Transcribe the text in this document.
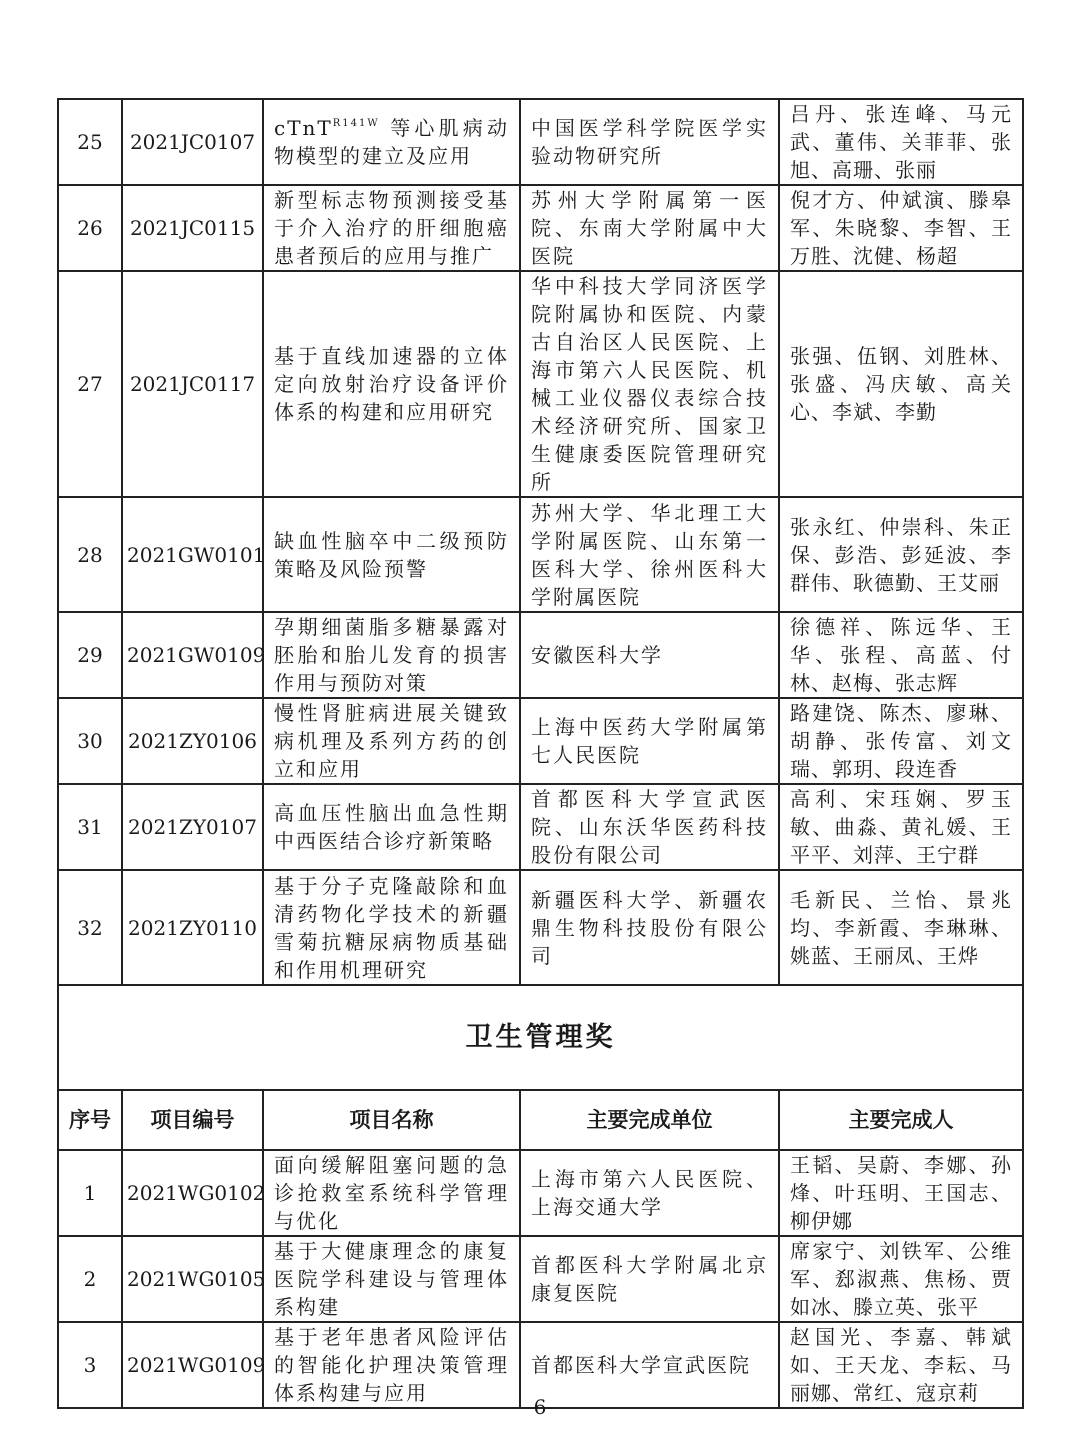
25	2021JC0107	cTnT$^{R141W}$ 等心肌病动物模型的建立及应用	中国医学科学院医学实验动物研究所	吕丹、张连峰、马元武、董伟、关菲菲、张旭、高珊、张丽
26	2021JC0115	新型标志物预测接受基于介入治疗的肝细胞癌患者预后的应用与推广	苏州大学附属第一医院、东南大学附属中大医院	倪才方、仲斌演、滕皋军、朱晓黎、李智、王万胜、沈健、杨超
27	2021JC0117	基于直线加速器的立体定向放射治疗设备评价体系的构建和应用研究	华中科技大学同济医学院附属协和医院、内蒙古自治区人民医院、上海市第六人民医院、机械工业仪器仪表综合技术经济研究所、国家卫生健康委医院管理研究所	张强、伍钢、刘胜林、张盛、冯庆敏、高关心、李斌、李勤
28	2021GW0101	缺血性脑卒中二级预防策略及风险预警	苏州大学、华北理工大学附属医院、山东第一医科大学、徐州医科大学附属医院	张永红、仲崇科、朱正保、彭浩、彭延波、李群伟、耿德勤、王艾丽
29	2021GW0109	孕期细菌脂多糖暴露对胚胎和胎儿发育的损害作用与预防对策	安徽医科大学	徐德祥、陈远华、王华、张程、高蓝、付林、赵梅、张志辉
30	2021ZY0106	慢性肾脏病进展关键致病机理及系列方药的创立和应用	上海中医药大学附属第七人民医院	路建饶、陈杰、廖琳、胡静、张传富、刘文瑞、郭玥、段连香
31	2021ZY0107	高血压性脑出血急性期中西医结合诊疗新策略	首都医科大学宣武医院、山东沃华医药科技股份有限公司	高利、宋珏娴、罗玉敏、曲淼、黄礼媛、王平平、刘萍、王宁群
32	2021ZY0110	基于分子克隆敲除和血清药物化学技术的新疆雪菊抗糖尿病物质基础和作用机理研究	新疆医科大学、新疆农鼎生物科技股份有限公司	毛新民、兰怡、景兆均、李新霞、李琳琳、姚蓝、王丽凤、王烨
卫生管理奖				
序号	项目编号	项目名称	主要完成单位	主要完成人
1	2021WG0102	面向缓解阻塞问题的急诊抢救室系统科学管理与优化	上海市第六人民医院、上海交通大学	王韬、吴蔚、李娜、孙烽、叶珏明、王国志、柳伊娜
2	2021WG0105	基于大健康理念的康复医院学科建设与管理体系构建	首都医科大学附属北京康复医院	席家宁、刘铁军、公维军、郄淑燕、焦杨、贾如冰、滕立英、张平
3	2021WG0109	基于老年患者风险评估的智能化护理决策管理体系构建与应用	首都医科大学宣武医院	赵国光、李嘉、韩斌如、王天龙、李耘、马丽娜、常红、寇京莉
6
